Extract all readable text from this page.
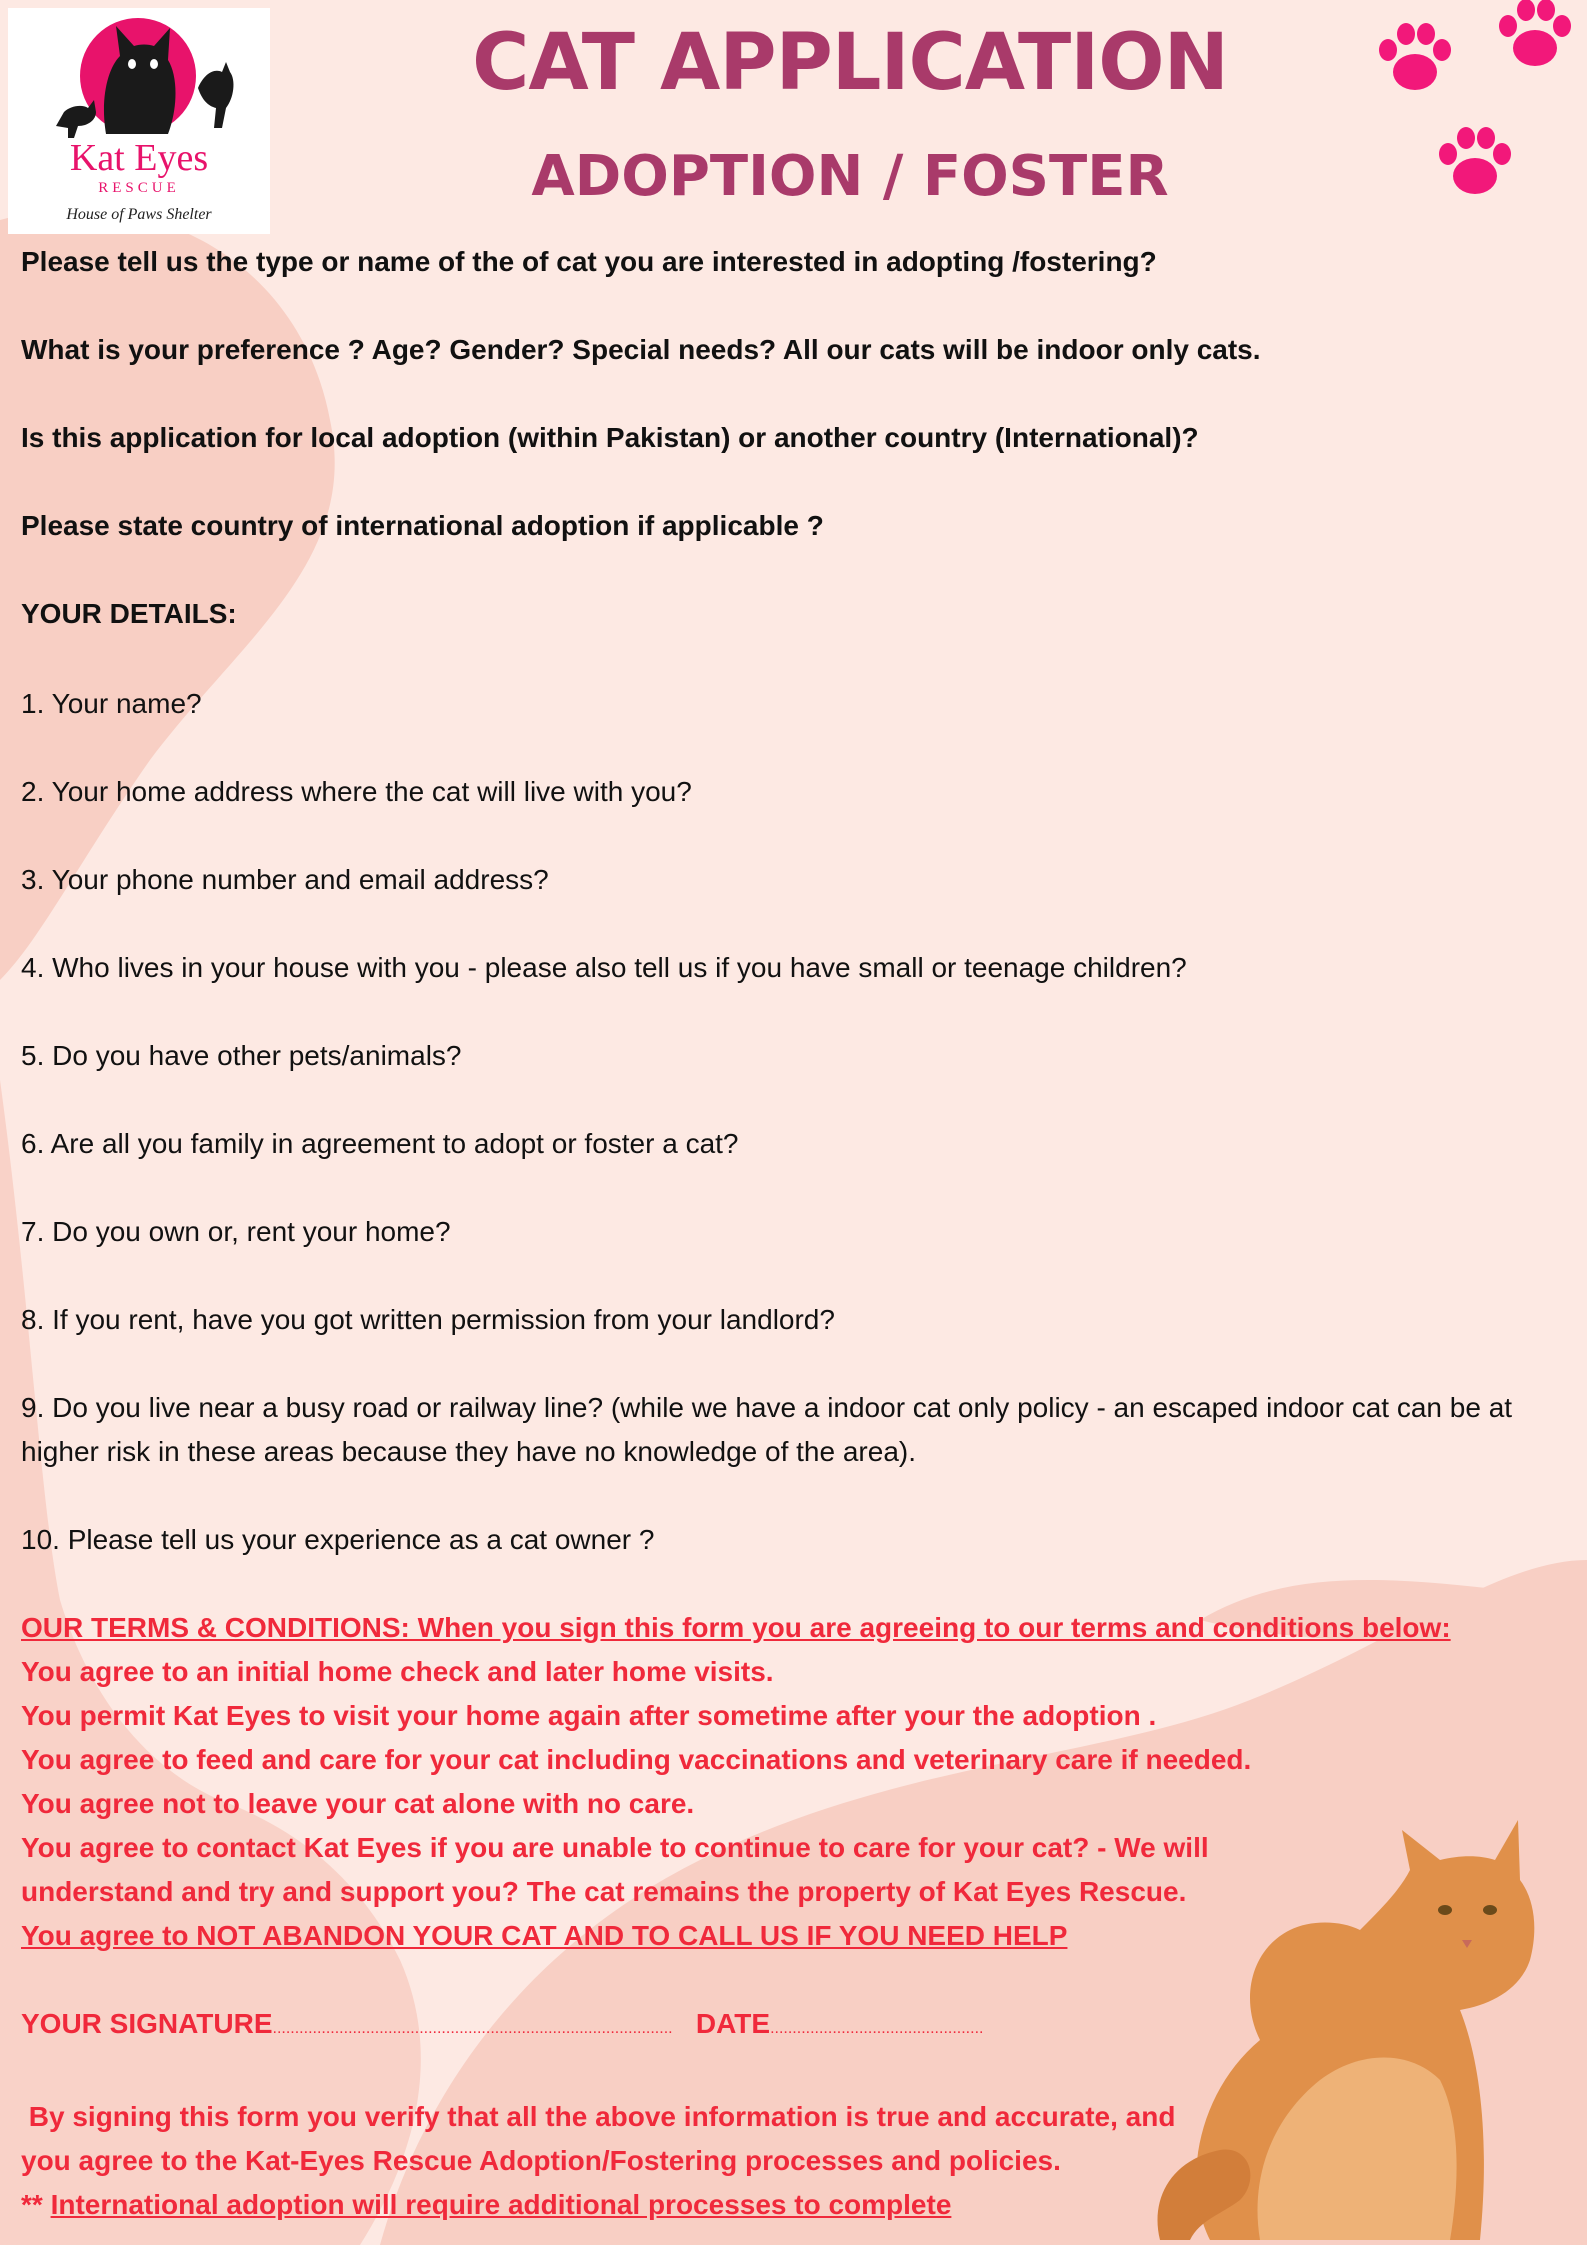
Kat Eyes
RESCUE
House of Paws Shelter
CAT APPLICATION
ADOPTION / FOSTER

Please tell us the type or name of the of cat you are interested in adopting /fostering?

What is your preference ? Age? Gender? Special needs? All our cats will be indoor only cats.

Is this application for local adoption (within Pakistan) or another country (International)?

Please state country of international adoption if applicable ?

YOUR DETAILS:

1. Your name?

2. Your home address where the cat will live with you?

3. Your phone number and email address?

4. Who lives in your house with you - please also tell us if you have small or teenage children?

5. Do you have other pets/animals?

6. Are all you family in agreement to adopt or foster a cat?

7. Do you own or, rent your home?

8. If you rent, have you got written permission from your landlord?

9. Do you live near a busy road or railway line? (while we have a indoor cat only policy - an escaped indoor cat can be at higher risk in these areas because they have no knowledge of the area).

10. Please tell us your experience as a cat owner ?

OUR TERMS & CONDITIONS: When you sign this form you are agreeing to our terms and conditions below:

You agree to an initial home check and later home visits.

You permit Kat Eyes to visit your home again after sometime after your the adoption .

You agree to feed and care for your cat including vaccinations and veterinary care if needed.

You agree not to leave your cat alone with no care.

You agree to contact Kat Eyes if you are unable to continue to care for your cat? - We will

understand and try and support you? The cat remains the property of Kat Eyes Rescue.

You agree to NOT ABANDON YOUR CAT AND TO CALL US IF YOU NEED HELP

YOUR SIGNATURE.......................................................................................... DATE................................................

By signing this form you verify that all the above information is true and accurate, and

you agree to the Kat-Eyes Rescue Adoption/Fostering processes and policies.

** International adoption will require additional processes to complete
